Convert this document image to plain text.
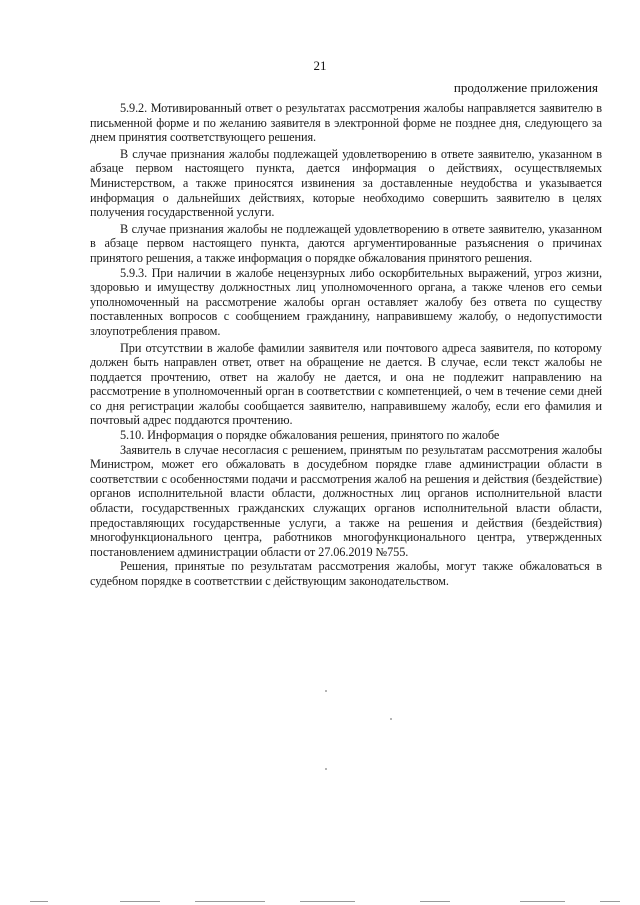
21
продолжение приложения

5.9.2. Мотивированный ответ о результатах рассмотрения жалобы направляется заявителю в письменной форме и по желанию заявителя в электронной форме не позднее дня, следующего за днем принятия соответствующего решения.

В случае признания жалобы подлежащей удовлетворению в ответе заявителю, указанном в абзаце первом настоящего пункта, дается информация о действиях, осуществляемых Министерством, а также приносятся извинения за доставленные неудобства и указывается информация о дальнейших действиях, которые необходимо совершить заявителю в целях получения государственной услуги.

В случае признания жалобы не подлежащей удовлетворению в ответе заявителю, указанном в абзаце первом настоящего пункта, даются аргументированные разъяснения о причинах принятого решения, а также информация о порядке обжалования принятого решения.

5.9.3. При наличии в жалобе нецензурных либо оскорбительных выражений, угроз жизни, здоровью и имуществу должностных лиц уполномоченного органа, а также членов его семьи уполномоченный на рассмотрение жалобы орган оставляет жалобу без ответа по существу поставленных вопросов с сообщением гражданину, направившему жалобу, о недопустимости злоупотребления правом.

При отсутствии в жалобе фамилии заявителя или почтового адреса заявителя, по которому должен быть направлен ответ, ответ на обращение не дается. В случае, если текст жалобы не поддается прочтению, ответ на жалобу не дается, и она не подлежит направлению на рассмотрение в уполномоченный орган в соответствии с компетенцией, о чем в течение семи дней со дня регистрации жалобы сообщается заявителю, направившему жалобу, если его фамилия и почтовый адрес поддаются прочтению.

5.10. Информация о порядке обжалования решения, принятого по жалобе

Заявитель в случае несогласия с решением, принятым по результатам рассмотрения жалобы Министром, может его обжаловать в досудебном порядке главе администрации области в соответствии с особенностями подачи и рассмотрения жалоб на решения и действия (бездействие) органов исполнительной власти области, должностных лиц органов исполнительной власти области, государственных гражданских служащих органов исполнительной власти области, предоставляющих государственные услуги, а также на решения и действия (бездействия) многофункционального центра, работников многофункционального центра, утвержденных постановлением администрации области от 27.06.2019 №755.

Решения, принятые по результатам рассмотрения жалобы, могут также обжаловаться в судебном порядке в соответствии с действующим законодательством.
